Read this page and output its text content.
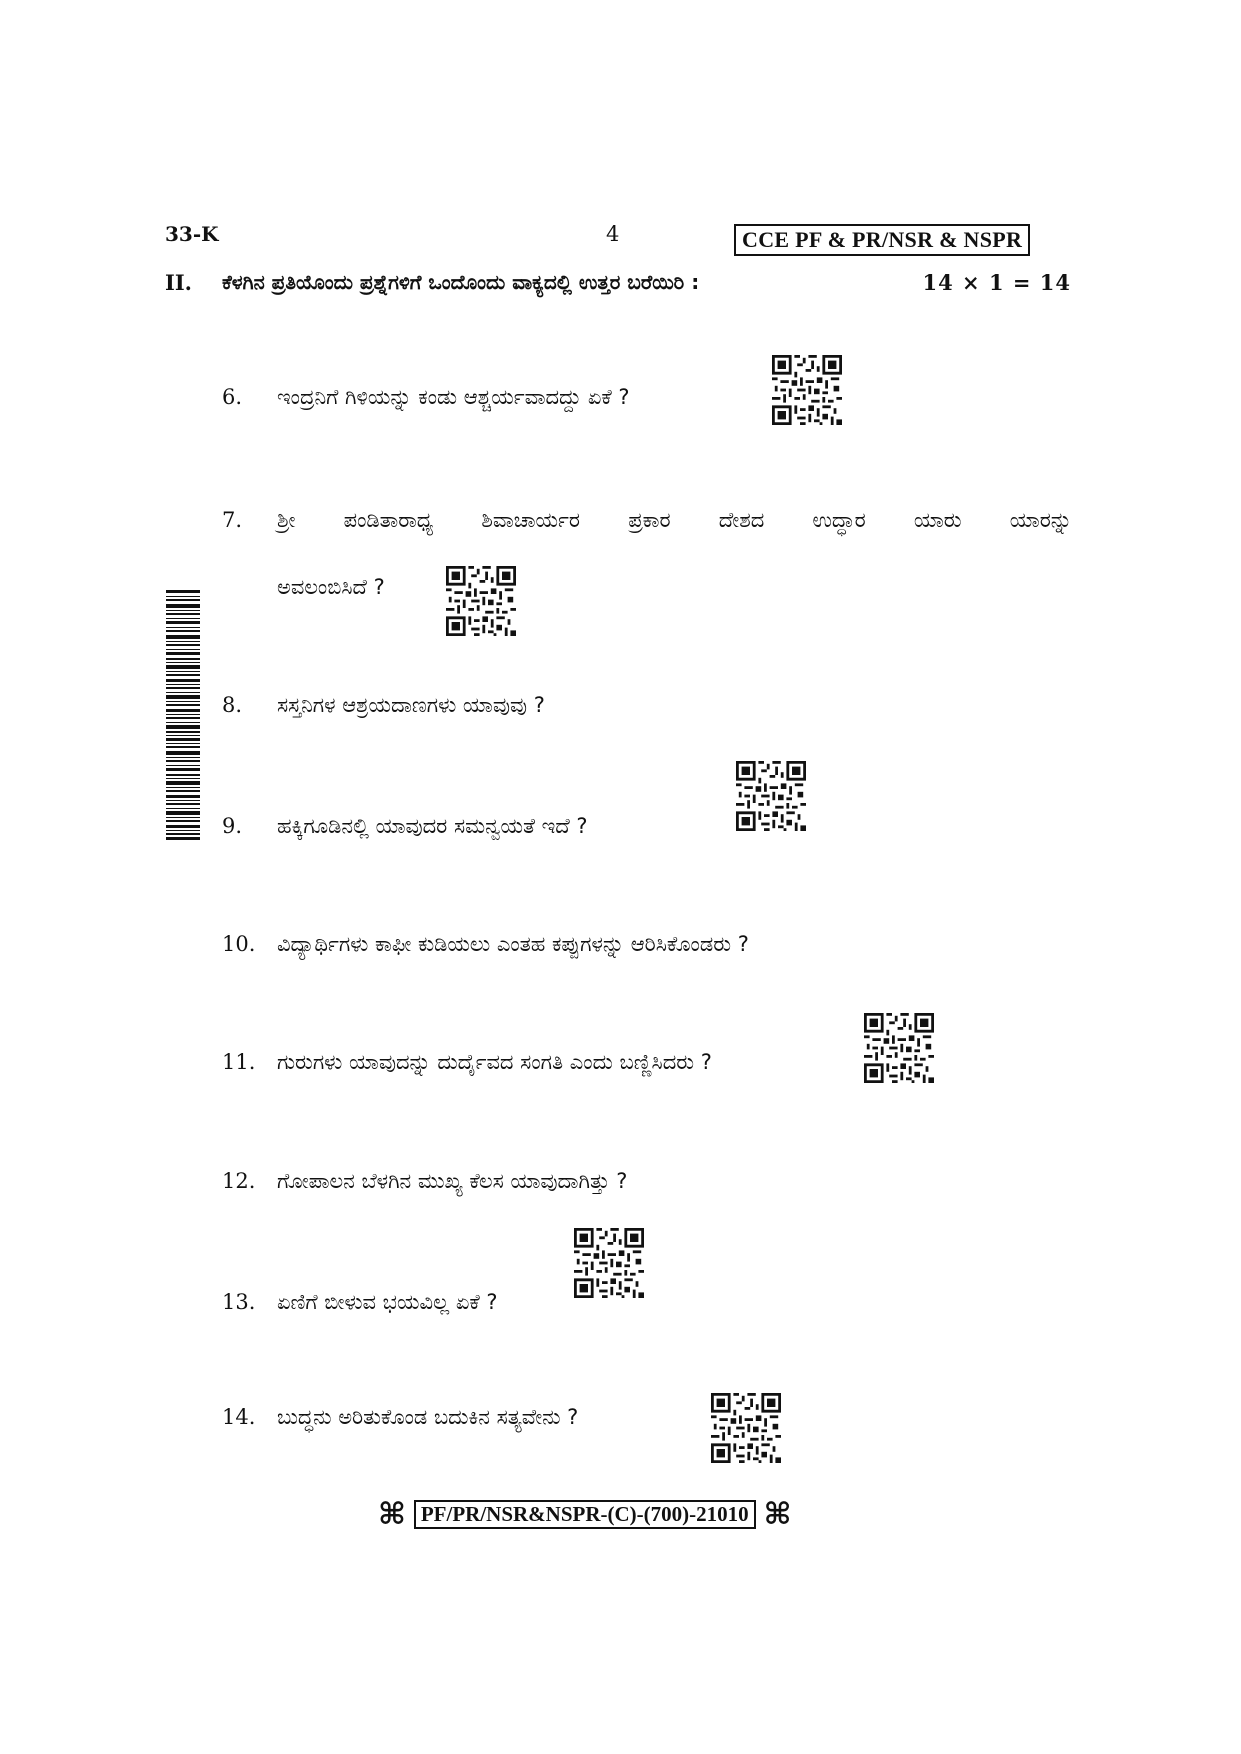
33-K	4	CCE PF & PR/NSR & NSPR
II. ಕೆಳಗಿನ ಪ್ರತಿಯೊಂದು ಪ್ರಶ್ನೆಗಳಿಗೆ ಒಂದೊಂದು ವಾಕ್ಯದಲ್ಲಿ ಉತ್ತರ ಬರೆಯಿರಿ :	14 × 1 = 14
6. ಇಂದ್ರನಿಗೆ ಗಿಳಿಯನ್ನು ಕಂಡು ಆಶ್ಚರ್ಯವಾದದ್ದು ಏಕೆ ?
7. ಶ್ರೀ ಪಂಡಿತಾರಾಧ್ಯ ಶಿವಾಚಾರ್ಯರ ಪ್ರಕಾರ ದೇಶದ ಉದ್ಧಾರ ಯಾರು ಯಾರನ್ನು
ಅವಲಂಬಿಸಿದೆ ?
8. ಸಸ್ತನಿಗಳ ಆಶ್ರಯದಾಣಗಳು ಯಾವುವು ?
9. ಹಕ್ಕಿಗೂಡಿನಲ್ಲಿ ಯಾವುದರ ಸಮನ್ವಯತೆ ಇದೆ ?
10. ವಿದ್ಯಾರ್ಥಿಗಳು ಕಾಫೀ ಕುಡಿಯಲು ಎಂತಹ ಕಪ್ಪುಗಳನ್ನು ಆರಿಸಿಕೊಂಡರು ?
11. ಗುರುಗಳು ಯಾವುದನ್ನು ದುರ್ದೈವದ ಸಂಗತಿ ಎಂದು ಬಣ್ಣಿಸಿದರು ?
12. ಗೋಪಾಲನ ಬೆಳಗಿನ ಮುಖ್ಯ ಕೆಲಸ ಯಾವುದಾಗಿತ್ತು ?
13. ಏಣಿಗೆ ಬೀಳುವ ಭಯವಿಲ್ಲ ಏಕೆ ?
14. ಬುದ್ಧನು ಅರಿತುಕೊಂಡ ಬದುಕಿನ ಸತ್ಯವೇನು ?
⌘ PF/PR/NSR&NSPR-(C)-(700)-21010 ⌘
